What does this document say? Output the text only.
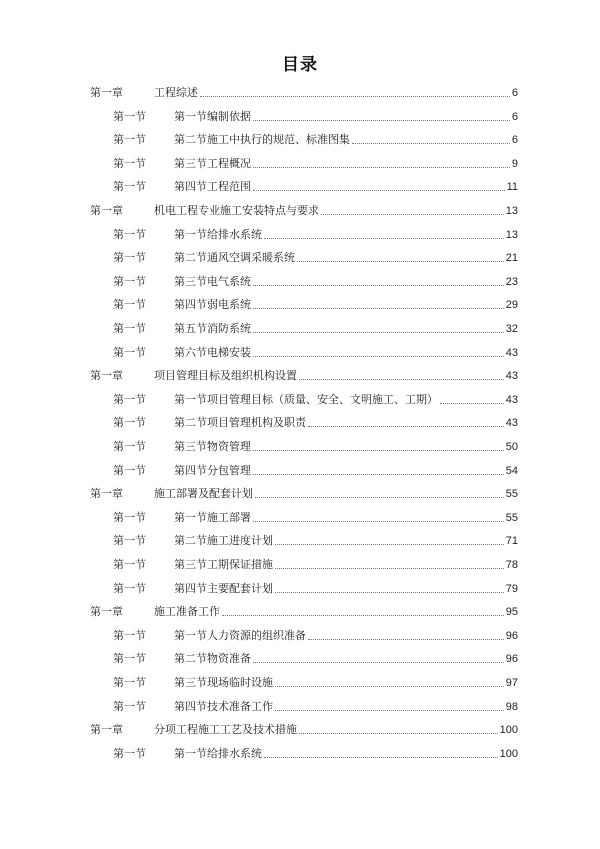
目录
第一章	工程综述	6
第一节	第一节编制依据	6
第一节	第二节施工中执行的规范、标准图集	6
第一节	第三节工程概况	9
第一节	第四节工程范围	11
第一章	机电工程专业施工安装特点与要求	13
第一节	第一节给排水系统	13
第一节	第二节通风空调采暖系统	21
第一节	第三节电气系统	23
第一节	第四节弱电系统	29
第一节	第五节消防系统	32
第一节	第六节电梯安装	43
第一章	项目管理目标及组织机构设置	43
第一节	第一节项目管理目标（质量、安全、文明施工、工期）	43
第一节	第二节项目管理机构及职责	43
第一节	第三节物资管理	50
第一节	第四节分包管理	54
第一章	施工部署及配套计划	55
第一节	第一节施工部署	55
第一节	第二节施工进度计划	71
第一节	第三节工期保证措施	78
第一节	第四节主要配套计划	79
第一章	施工准备工作	95
第一节	第一节人力资源的组织准备	96
第一节	第二节物资准备	96
第一节	第三节现场临时设施	97
第一节	第四节技术准备工作	98
第一章	分项工程施工工艺及技术措施	100
第一节	第一节给排水系统	100
